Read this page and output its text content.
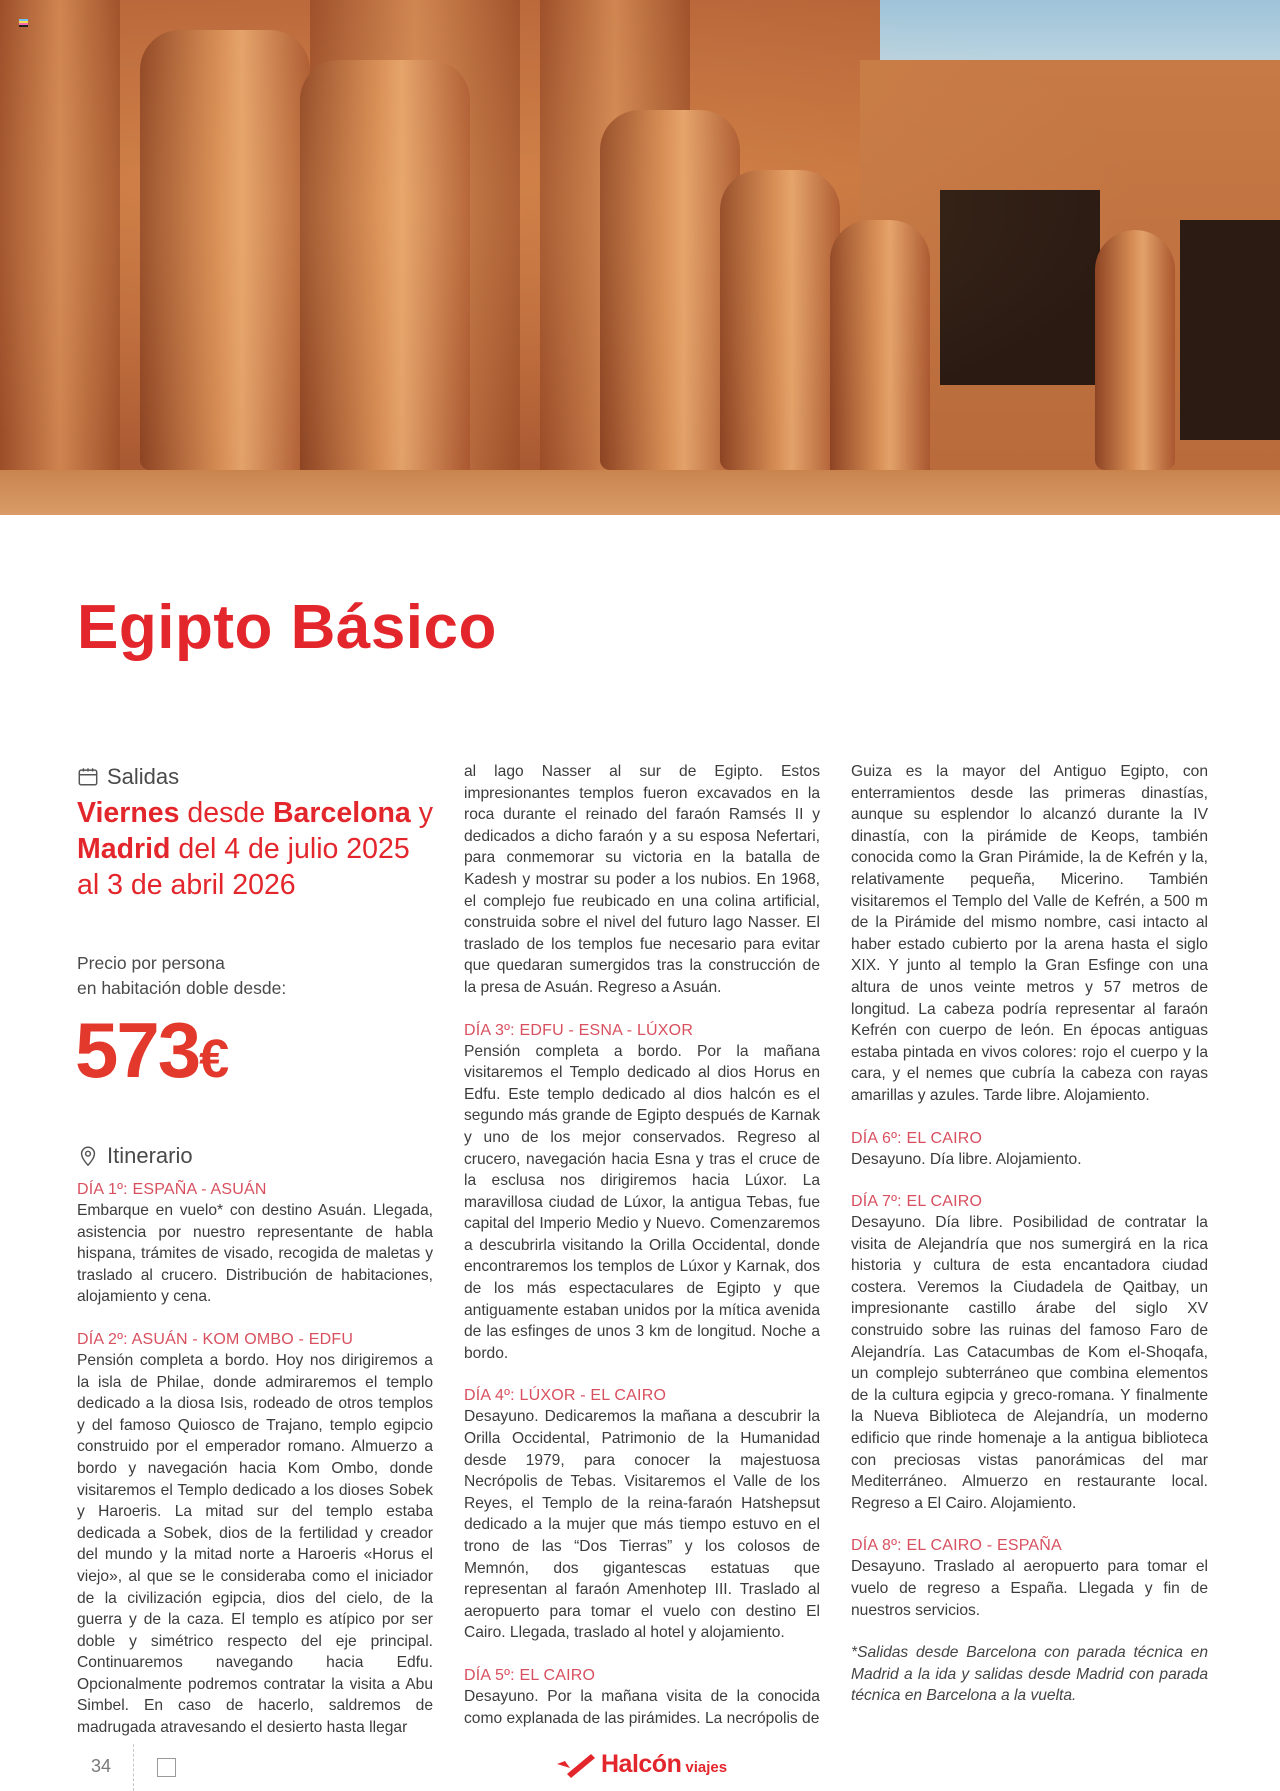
Egipto Básico
Salidas
Viernes desde Barcelona y Madrid del 4 de julio 2025 al 3 de abril 2026
Precio por persona
en habitación doble desde:
573€
Itinerario
DÍA 1º: ESPAÑA - ASUÁN
Embarque en vuelo* con destino Asuán. Llegada, asistencia por nuestro representante de habla hispana, trámites de visado, recogida de maletas y traslado al crucero. Distribución de habitaciones, alojamiento y cena.
DÍA 2º: ASUÁN - KOM OMBO - EDFU
Pensión completa a bordo. Hoy nos dirigiremos a la isla de Philae, donde admiraremos el templo dedicado a la diosa Isis, rodeado de otros templos y del famoso Quiosco de Trajano, templo egipcio construido por el emperador romano. Almuerzo a bordo y navegación hacia Kom Ombo, donde visitaremos el Templo dedicado a los dioses Sobek y Haroeris. La mitad sur del templo estaba dedicada a Sobek, dios de la fertilidad y creador del mundo y la mitad norte a Haroeris «Horus el viejo», al que se le consideraba como el iniciador de la civilización egipcia, dios del cielo, de la guerra y de la caza. El templo es atípico por ser doble y simétrico respecto del eje principal. Continuaremos navegando hacia Edfu. Opcionalmente podremos contratar la visita a Abu Simbel. En caso de hacerlo, saldremos de madrugada atravesando el desierto hasta llegar
al lago Nasser al sur de Egipto. Estos impresionantes templos fueron excavados en la roca durante el reinado del faraón Ramsés II y dedicados a dicho faraón y a su esposa Nefertari, para conmemorar su victoria en la batalla de Kadesh y mostrar su poder a los nubios. En 1968, el complejo fue reubicado en una colina artificial, construida sobre el nivel del futuro lago Nasser. El traslado de los templos fue necesario para evitar que quedaran sumergidos tras la construcción de la presa de Asuán. Regreso a Asuán.
DÍA 3º: EDFU - ESNA - LÚXOR
Pensión completa a bordo. Por la mañana visitaremos el Templo dedicado al dios Horus en Edfu. Este templo dedicado al dios halcón es el segundo más grande de Egipto después de Karnak y uno de los mejor conservados. Regreso al crucero, navegación hacia Esna y tras el cruce de la esclusa nos dirigiremos hacia Lúxor. La maravillosa ciudad de Lúxor, la antigua Tebas, fue capital del Imperio Medio y Nuevo. Comenzaremos a descubrirla visitando la Orilla Occidental, donde encontraremos los templos de Lúxor y Karnak, dos de los más espectaculares de Egipto y que antiguamente estaban unidos por la mítica avenida de las esfinges de unos 3 km de longitud. Noche a bordo.
DÍA 4º: LÚXOR - EL CAIRO
Desayuno. Dedicaremos la mañana a descubrir la Orilla Occidental, Patrimonio de la Humanidad desde 1979, para conocer la majestuosa Necrópolis de Tebas. Visitaremos el Valle de los Reyes, el Templo de la reina-faraón Hatshepsut dedicado a la mujer que más tiempo estuvo en el trono de las “Dos Tierras” y los colosos de Memnón, dos gigantescas estatuas que representan al faraón Amenhotep III. Traslado al aeropuerto para tomar el vuelo con destino El Cairo. Llegada, traslado al hotel y alojamiento.
DÍA 5º: EL CAIRO
Desayuno. Por la mañana visita de la conocida como explanada de las pirámides. La necrópolis de
Guiza es la mayor del Antiguo Egipto, con enterramientos desde las primeras dinastías, aunque su esplendor lo alcanzó durante la IV dinastía, con la pirámide de Keops, también conocida como la Gran Pirámide, la de Kefrén y la, relativamente pequeña, Micerino. También visitaremos el Templo del Valle de Kefrén, a 500 m de la Pirámide del mismo nombre, casi intacto al haber estado cubierto por la arena hasta el siglo XIX. Y junto al templo la Gran Esfinge con una altura de unos veinte metros y 57 metros de longitud. La cabeza podría representar al faraón Kefrén con cuerpo de león. En épocas antiguas estaba pintada en vivos colores: rojo el cuerpo y la cara, y el nemes que cubría la cabeza con rayas amarillas y azules. Tarde libre. Alojamiento.
DÍA 6º: EL CAIRO
Desayuno. Día libre. Alojamiento.
DÍA 7º: EL CAIRO
Desayuno. Día libre. Posibilidad de contratar la visita de Alejandría que nos sumergirá en la rica historia y cultura de esta encantadora ciudad costera. Veremos la Ciudadela de Qaitbay, un impresionante castillo árabe del siglo XV construido sobre las ruinas del famoso Faro de Alejandría. Las Catacumbas de Kom el-Shoqafa, un complejo subterráneo que combina elementos de la cultura egipcia y greco-romana. Y finalmente la Nueva Biblioteca de Alejandría, un moderno edificio que rinde homenaje a la antigua biblioteca con preciosas vistas panorámicas del mar Mediterráneo. Almuerzo en restaurante local. Regreso a El Cairo. Alojamiento.
DÍA 8º: EL CAIRO - ESPAÑA
Desayuno. Traslado al aeropuerto para tomar el vuelo de regreso a España. Llegada y fin de nuestros servicios.
*Salidas desde Barcelona con parada técnica en Madrid a la ida y salidas desde Madrid con parada técnica en Barcelona a la vuelta.
34	Halcón viajes
